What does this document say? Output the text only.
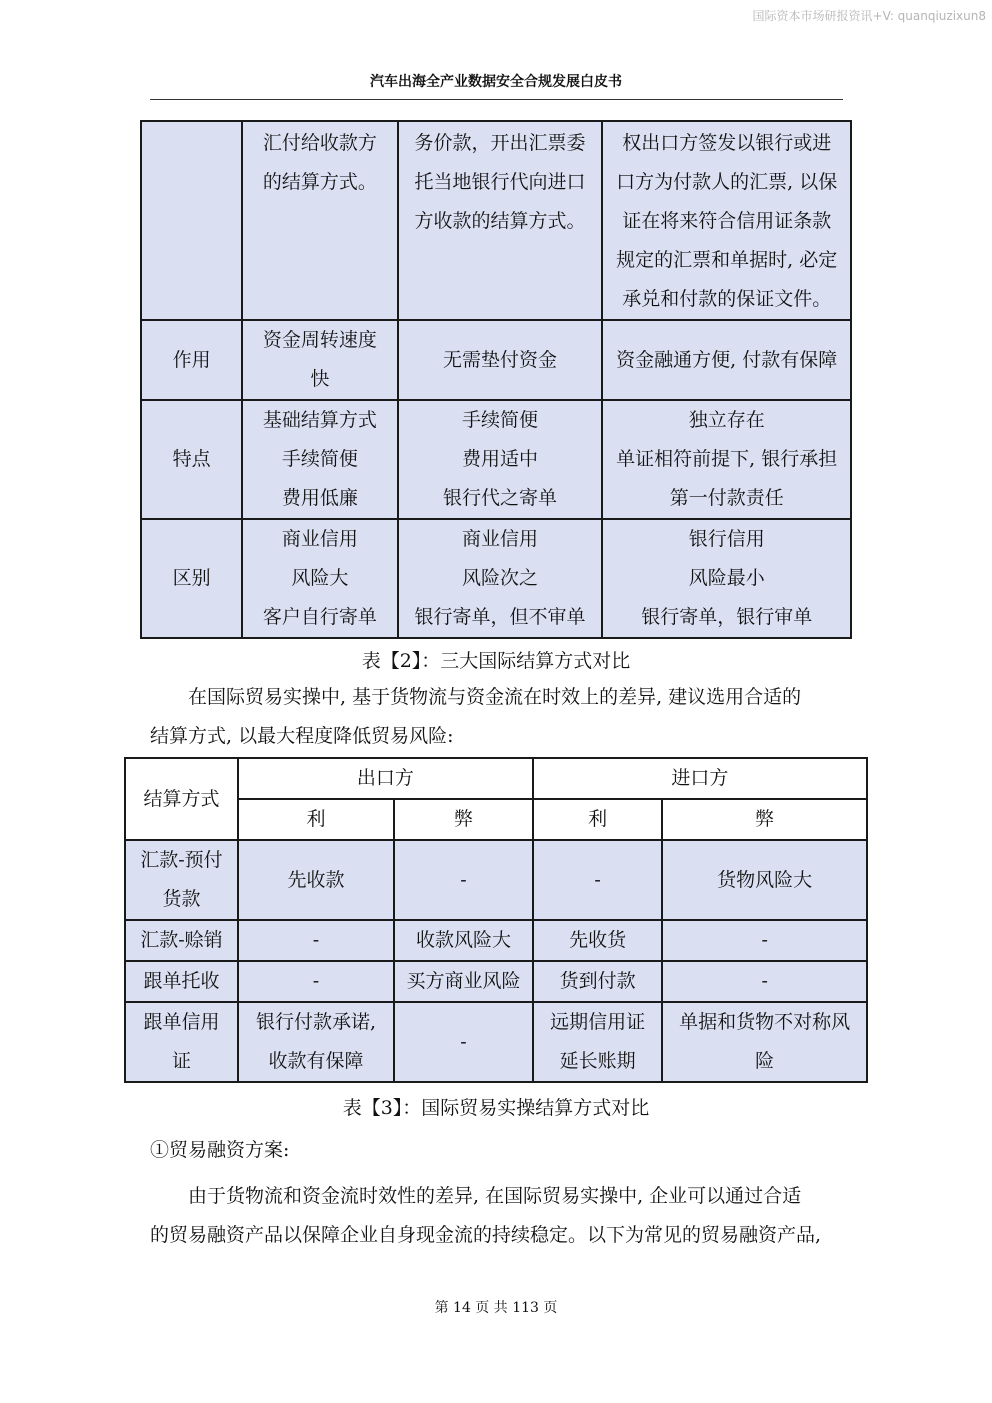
国际资本市场研报资讯+V: quanqiuzixun8
汽车出海全产业数据安全合规发展白皮书

	汇付给收款方
的结算方式。	务价款，开出汇票委
托当地银行代向进口
方收款的结算方式。	权出口方签发以银行或进
口方为付款人的汇票, 以保
证在将来符合信用证条款
规定的汇票和单据时, 必定
承兑和付款的保证文件。

作用	资金周转速度
快	无需垫付资金	资金融通方便, 付款有保障

特点	基础结算方式
手续简便
费用低廉	手续简便
费用适中
银行代之寄单	独立存在
单证相符前提下, 银行承担
第一付款责任

区别	商业信用
风险大
客户自行寄单	商业信用
风险次之
银行寄单，但不审单	银行信用
风险最小
银行寄单，银行审单
表【2】：三大国际结算方式对比
在国际贸易实操中, 基于货物流与资金流在时效上的差异, 建议选用合适的
结算方式, 以最大程度降低贸易风险:
结算方式	出口方		进口方	
	利	弊	利	弊

汇款-预付
货款	先收款	-	-	货物风险大
汇款-赊销	-	收款风险大	先收货	-
跟单托收	-	买方商业风险	货到付款	-

跟单信用
证	银行付款承诺,
收款有保障	-	远期信用证
延长账期	单据和货物不对称风
险
表【3】：国际贸易实操结算方式对比
①贸易融资方案:
由于货物流和资金流时效性的差异, 在国际贸易实操中, 企业可以通过合适
的贸易融资产品以保障企业自身现金流的持续稳定。以下为常见的贸易融资产品,
第 14 页 共 113 页
